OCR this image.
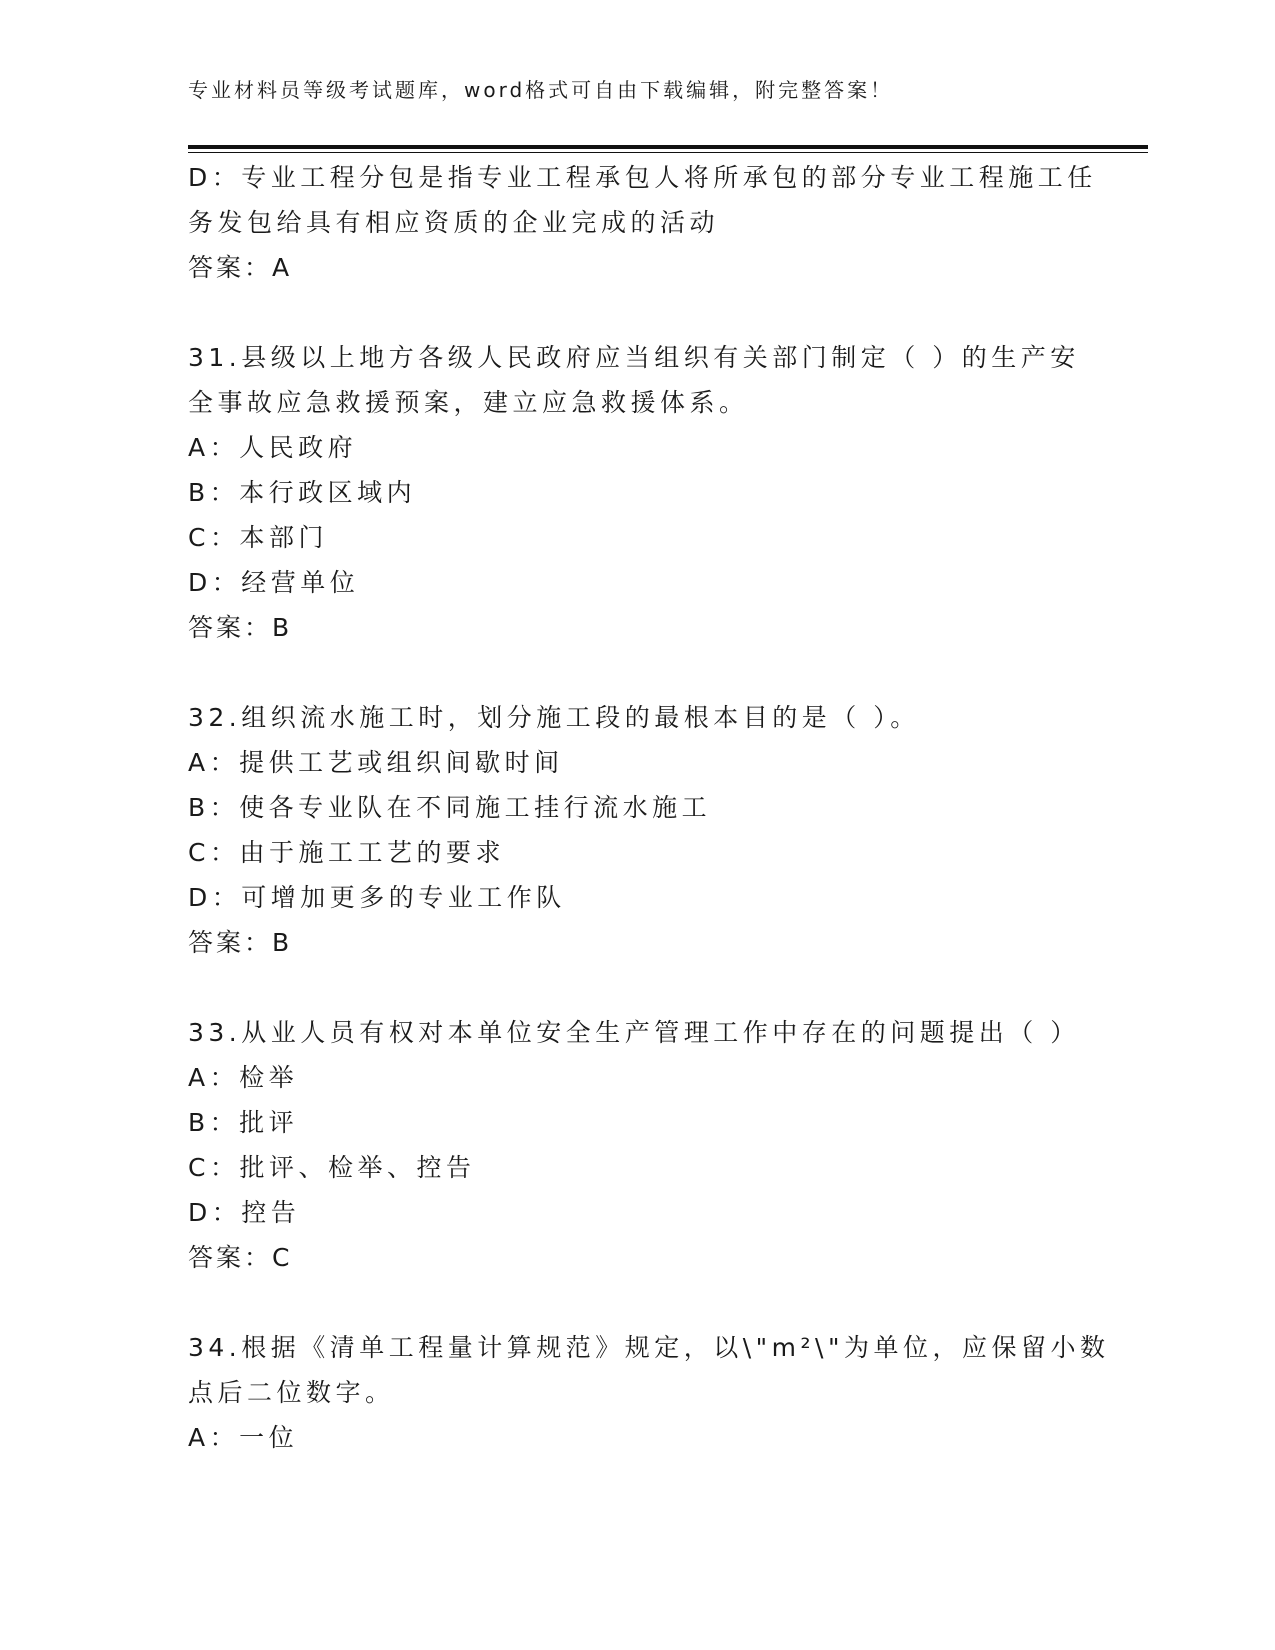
专业材料员等级考试题库，word格式可自由下载编辑，附完整答案！

D：专业工程分包是指专业工程承包人将所承包的部分专业工程施工任

务发包给具有相应资质的企业完成的活动

答案：A

31.县级以上地方各级人民政府应当组织有关部门制定（ ）的生产安

全事故应急救援预案，建立应急救援体系。

A：人民政府

B：本行政区域内

C：本部门

D：经营单位

答案：B

32.组织流水施工时，划分施工段的最根本目的是（ ）。

A：提供工艺或组织间歇时间

B：使各专业队在不同施工挂行流水施工

C：由于施工工艺的要求

D：可增加更多的专业工作队

答案：B

33.从业人员有权对本单位安全生产管理工作中存在的问题提出（ ）

A：检举

B：批评

C：批评、检举、控告

D：控告

答案：C

34.根据《清单工程量计算规范》规定，以\"m²\"为单位，应保留小数

点后二位数字。

A：一位
